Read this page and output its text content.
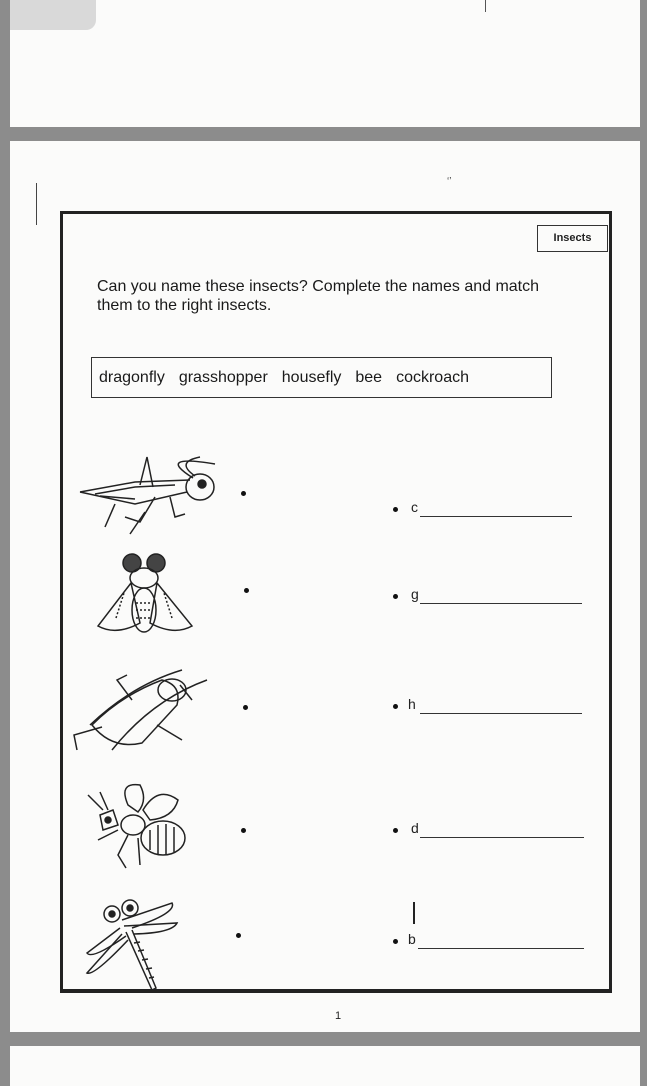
‘’
Insects
Can you name these insects? Complete the names and match them to the right insects.
dragonfly grasshopper housefly bee cockroach
c
g
h
d
b
1
